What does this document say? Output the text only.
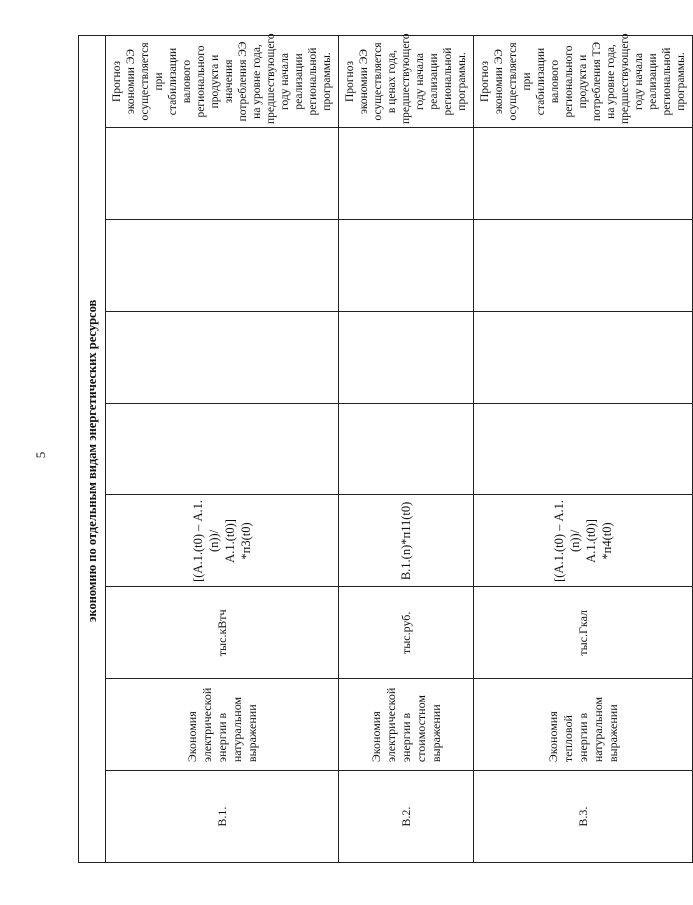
5	экономию по отдельным видам энергетических ресурсов								
В.1.	Экономия электрической энергии в натуральном выражении	тыс.кВтч	[(А.1.(t0) – А.1.(n))/ А.1.(t0)] *п3(t0)					Прогноз экономии ЭЭ осуществляется при стабилизации валового регионального продукта и значения потребления ЭЭ на уровне года, предшествующего году начала реализации региональной программы.
В.2.	Экономия электрической энергии в стоимостном выражении	тыс.руб.	В.1.(n)*п11(t0)					Прогноз экономии ЭЭ осуществляется в ценах года, предшествующего году начала реализации региональной программы.
В.3.	Экономия тепловой энергии в натуральном выражении	тыс.Гкал	[(А.1.(t0) – А.1.(n))/ А.1.(t0)] *п4(t0)					Прогноз экономии ЭЭ осуществляется при стабилизации валового регионального продукта и потребления ТЭ на уровне года, предшествующего году начала реализации региональной программы.
